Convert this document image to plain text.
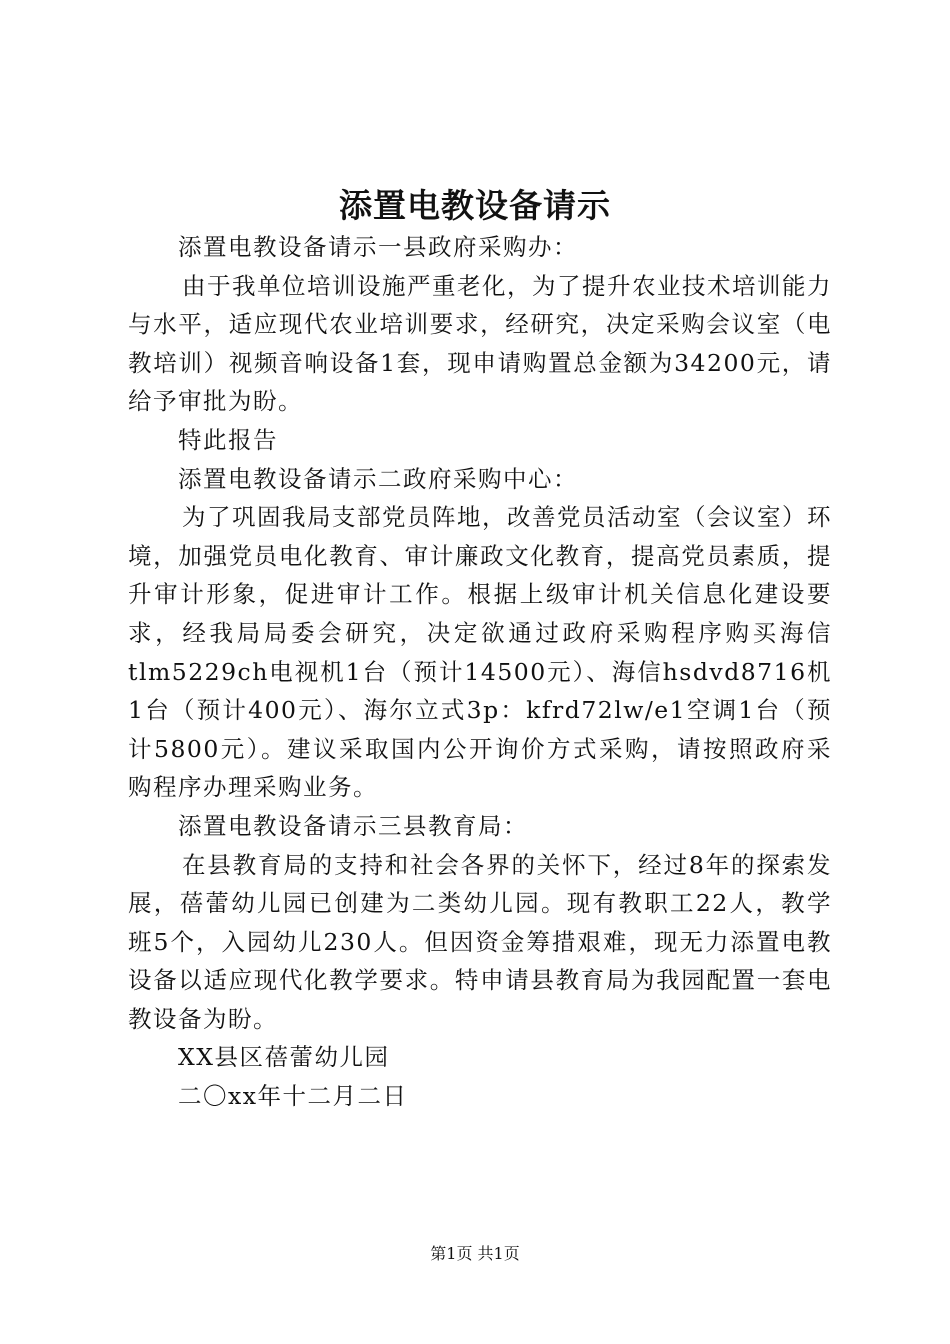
添置电教设备请示

添置电教设备请示一县政府采购办：

由于我单位培训设施严重老化，为了提升农业技术培训能力与水平，适应现代农业培训要求，经研究，决定采购会议室（电教培训）视频音响设备1套，现申请购置总金额为34200元，请给予审批为盼。

特此报告

添置电教设备请示二政府采购中心：

为了巩固我局支部党员阵地，改善党员活动室（会议室）环境，加强党员电化教育、审计廉政文化教育，提高党员素质，提升审计形象，促进审计工作。根据上级审计机关信息化建设要求，经我局局委会研究，决定欲通过政府采购程序购买海信tlm5229ch电视机1台（预计14500元）、海信hsdvd8716机1台（预计400元）、海尔立式3p：kfrd72lw/e1空调1台（预计5800元）。建议采取国内公开询价方式采购，请按照政府采购程序办理采购业务。

添置电教设备请示三县教育局：

在县教育局的支持和社会各界的关怀下，经过8年的探索发展，蓓蕾幼儿园已创建为二类幼儿园。现有教职工22人，教学班5个，入园幼儿230人。但因资金筹措艰难，现无力添置电教设备以适应现代化教学要求。特申请县教育局为我园配置一套电教设备为盼。

XX县区蓓蕾幼儿园

二〇xx年十二月二日

第1页 共1页
